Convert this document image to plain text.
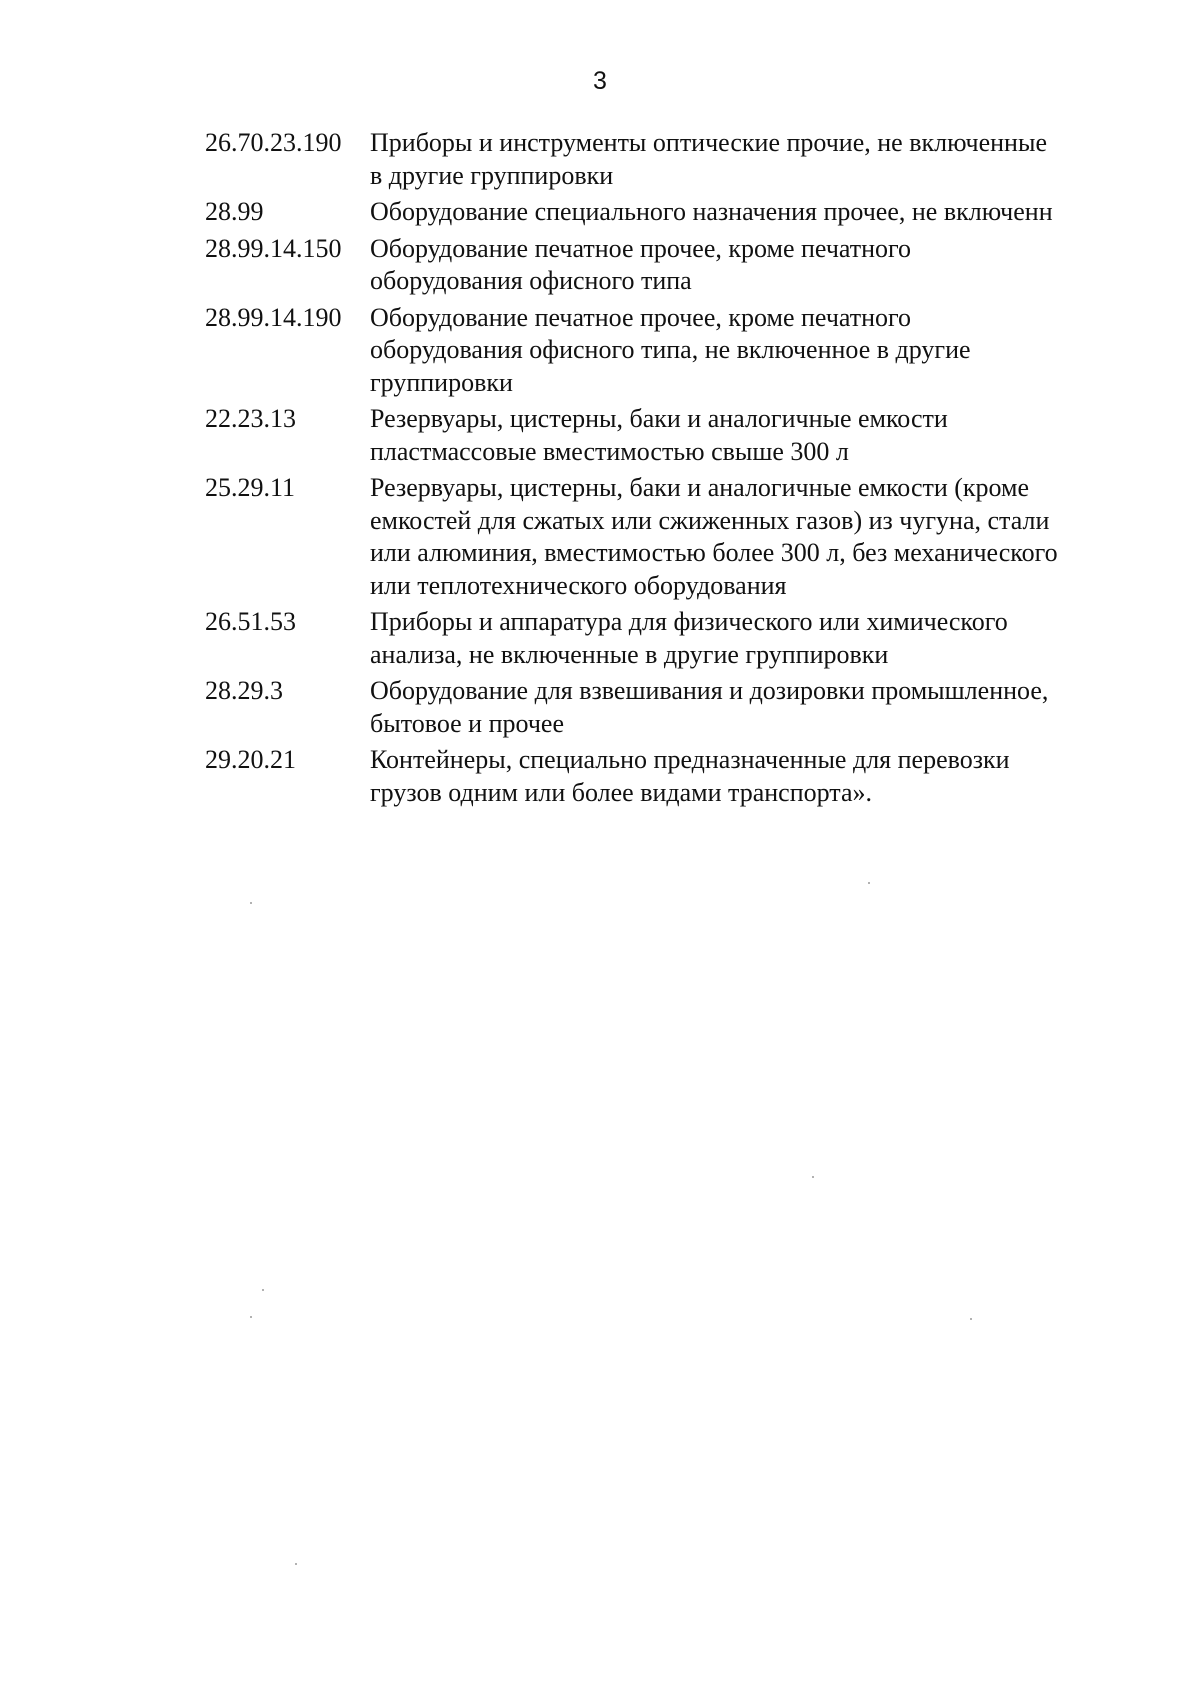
3
26.70.23.190	Приборы и инструменты оптические прочие, не включенные
в другие группировки
28.99	Оборудование специального назначения прочее, не включенн
28.99.14.150	Оборудование печатное прочее, кроме печатного
оборудования офисного типа
28.99.14.190	Оборудование печатное прочее, кроме печатного
оборудования офисного типа, не включенное в другие
группировки
22.23.13	Резервуары, цистерны, баки и аналогичные емкости
пластмассовые вместимостью свыше 300 л
25.29.11	Резервуары, цистерны, баки и аналогичные емкости (кроме
емкостей для сжатых или сжиженных газов) из чугуна, стали
или алюминия, вместимостью более 300 л, без механического
или теплотехнического оборудования
26.51.53	Приборы и аппаратура для физического или химического
анализа, не включенные в другие группировки
28.29.3	Оборудование для взвешивания и дозировки промышленное,
бытовое и прочее
29.20.21	Контейнеры, специально предназначенные для перевозки
грузов одним или более видами транспорта».
